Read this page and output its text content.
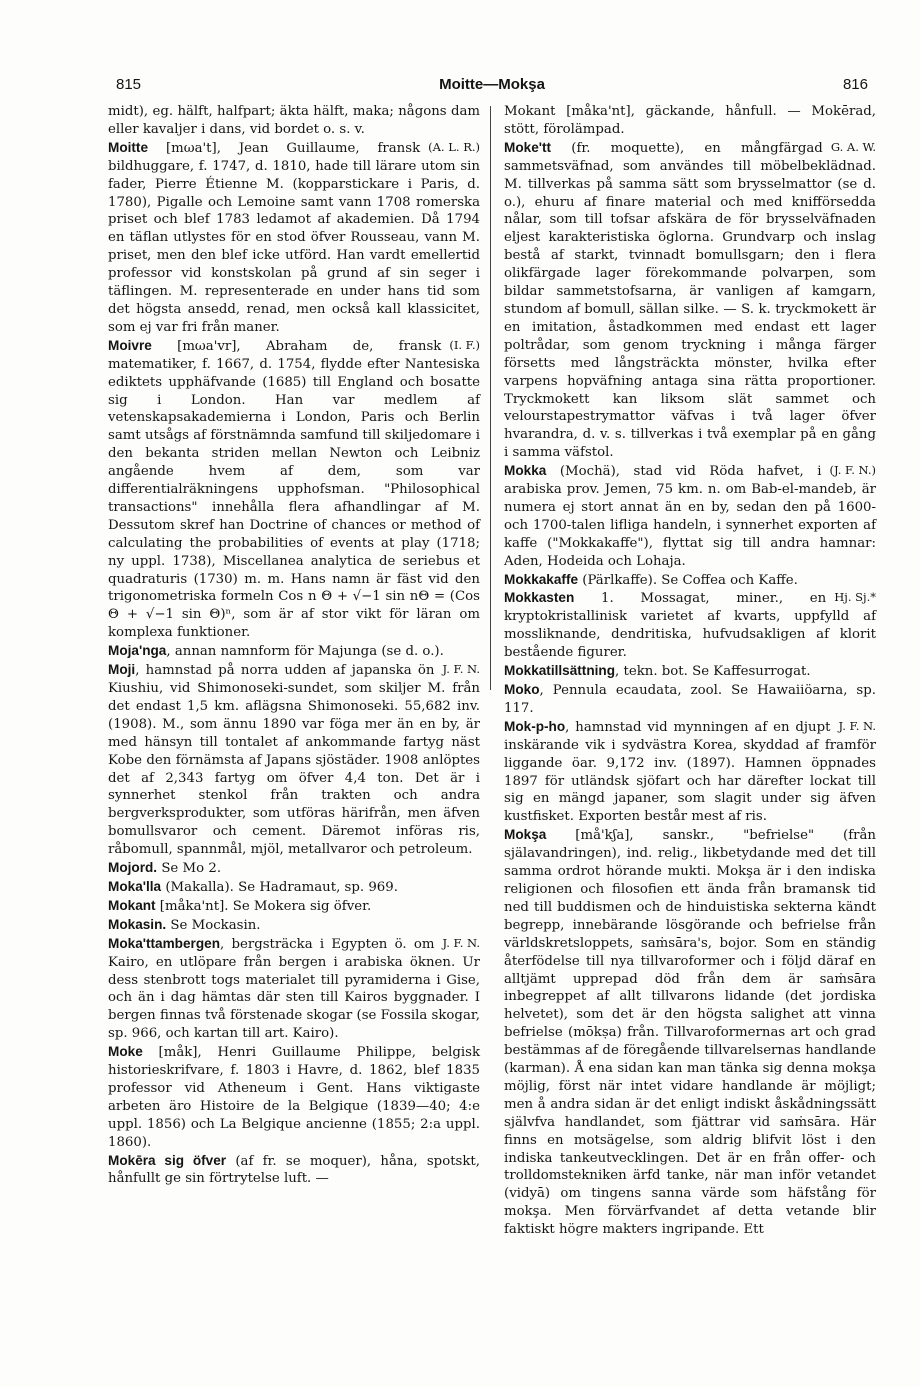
815	Moitte—Mokşa	816

midt), eg. hälft, halfpart; äkta hälft, maka; någons dam eller kavaljer i dans, vid bordet o. s. v.

(A. L. R.)
Moitte [mωa't], Jean Guillaume, fransk bildhuggare, f. 1747, d. 1810, hade till lärare utom sin fader, Pierre Étienne M. (kopparstickare i Paris, d. 1780), Pigalle och Lemoine samt vann 1708 romerska priset och blef 1783 ledamot af akademien. Då 1794 en täflan utlystes för en stod öfver Rousseau, vann M. priset, men den blef icke utförd. Han vardt emellertid professor vid konstskolan på grund af sin seger i täflingen. M. representerade en under hans tid som det högsta ansedd, renad, men också kall klassicitet, som ej var fri från maner.

(I. F.)
Moivre [mωa'vr], Abraham de, fransk matematiker, f. 1667, d. 1754, flydde efter Nantesiska ediktets upphäfvande (1685) till England och bosatte sig i London. Han var medlem af vetenskapsakademierna i London, Paris och Berlin samt utsågs af förstnämnda samfund till skiljedomare i den bekanta striden mellan Newton och Leibniz angående hvem af dem, som var differentialräkningens upphofsman. "Philosophical transactions" innehålla flera afhandlingar af M. Dessutom skref han Doctrine of chances or method of calculating the probabilities of events at play (1718; ny uppl. 1738), Miscellanea analytica de seriebus et quadraturis (1730) m. m. Hans namn är fäst vid den trigonometriska formeln Cos n Θ + √−1 sin nΘ = (Cos Θ + √−1 sin Θ)ⁿ, som är af stor vikt för läran om komplexa funktioner.

Moja'nga, annan namnform för Majunga (se d. o.).

J. F. N.
Moji, hamnstad på norra udden af japanska ön Kiushiu, vid Shimonoseki-sundet, som skiljer M. från det endast 1,5 km. aflägsna Shimonoseki. 55,682 inv. (1908). M., som ännu 1890 var föga mer än en by, är med hänsyn till tontalet af ankommande fartyg näst Kobe den förnämsta af Japans sjöstäder. 1908 anlöptes det af 2,343 fartyg om öfver 4,4 ton. Det är i synnerhet stenkol från trakten och andra bergverksprodukter, som utföras härifrån, men äfven bomullsvaror och cement. Däremot införas ris, råbomull, spannmål, mjöl, metallvaror och petroleum.

Mojord. Se Mo 2.

Moka'lla (Makalla). Se Hadramaut, sp. 969.

Mokant [måka'nt]. Se Mokera sig öfver.

Mokasin. Se Mockasin.

J. F. N.
Moka'ttambergen, bergsträcka i Egypten ö. om Kairo, en utlöpare från bergen i arabiska öknen. Ur dess stenbrott togs materialet till pyramiderna i Gise, och än i dag hämtas där sten till Kairos byggnader. I bergen finnas två förstenade skogar (se Fossila skogar, sp. 966, och kartan till art. Kairo).

Moke [måk], Henri Guillaume Philippe, belgisk historieskrifvare, f. 1803 i Havre, d. 1862, blef 1835 professor vid Atheneum i Gent. Hans viktigaste arbeten äro Histoire de la Belgique (1839—40; 4:e uppl. 1856) och La Belgique ancienne (1855; 2:a uppl. 1860).

Mokēra sig öfver (af fr. se moquer), håna, spotskt, hånfullt ge sin förtrytelse luft. —

Mokant [måka'nt], gäckande, hånfull. — Mokērad, stött, förolämpad.

G. A. W.
Moke'tt (fr. moquette), en mångfärgad sammetsväfnad, som användes till möbelbeklädnad. M. tillverkas på samma sätt som brysselmattor (se d. o.), ehuru af finare material och med knifförsedda nålar, som till tofsar afskära de för brysselväfnaden eljest karakteristiska öglorna. Grundvarp och inslag bestå af starkt, tvinnadt bomullsgarn; den i flera olikfärgade lager förekommande polvarpen, som bildar sammetstofsarna, är vanligen af kamgarn, stundom af bomull, sällan silke. — S. k. tryckmokett är en imitation, åstadkommen med endast ett lager poltrådar, som genom tryckning i många färger försetts med långsträckta mönster, hvilka efter varpens hopväfning antaga sina rätta proportioner. Tryckmokett kan liksom slät sammet och velourstapestrymattor väfvas i två lager öfver hvarandra, d. v. s. tillverkas i två exemplar på en gång i samma väfstol.

(J. F. N.)
Mokka (Mochä), stad vid Röda hafvet, i arabiska prov. Jemen, 75 km. n. om Bab-el-mandeb, är numera ej stort annat än en by, sedan den på 1600- och 1700-talen lifliga handeln, i synnerhet exporten af kaffe ("Mokkakaffe"), flyttat sig till andra hamnar: Aden, Hodeida och Lohaja.

Mokkakaffe (Pärlkaffe). Se Coffea och Kaffe.

Hj. Sj.*
Mokkasten 1. Mossagat, miner., en kryptokristallinisk varietet af kvarts, uppfylld af mossliknande, dendritiska, hufvudsakligen af klorit bestående figurer.

Mokkatillsättning, tekn. bot. Se Kaffesurrogat.

Moko, Pennula ecaudata, zool. Se Hawaiiöarna, sp. 117.

J. F. N.
Mok-p-ho, hamnstad vid mynningen af en djupt inskärande vik i sydvästra Korea, skyddad af framför liggande öar. 9,172 inv. (1897). Hamnen öppnades 1897 för utländsk sjöfart och har därefter lockat till sig en mängd japaner, som slagit under sig äfven kustfisket. Exporten består mest af ris.

Mokşa [må'kʃa], sanskr., "befrielse" (från själavandringen), ind. relig., likbetydande med det till samma ordrot hörande mukti. Mokşa är i den indiska religionen och filosofien ett ända från bramansk tid ned till buddismen och de hinduistiska sekterna kändt begrepp, innebärande lösgörande och befrielse från världskretsloppets, saṁsāra's, bojor. Som en ständig återfödelse till nya tillvaroformer och i följd däraf en alltjämt upprepad död från dem är saṁsāra inbegreppet af allt tillvarons lidande (det jordiska helvetet), som det är den högsta salighet att vinna befrielse (mōkṣa) från. Tillvaroformernas art och grad bestämmas af de föregående tillvarelsernas handlande (karman). Å ena sidan kan man tänka sig denna mokşa möjlig, först när intet vidare handlande är möjligt; men å andra sidan är det enligt indiskt åskådningssätt självfva handlandet, som fjättrar vid saṁsāra. Här finns en motsägelse, som aldrig blifvit löst i den indiska tankeutvecklingen. Det är en från offer- och trolldomstekniken ärfd tanke, när man inför vetandet (vidyā) om tingens sanna värde som häfstång för mokşa. Men förvärfvandet af detta vetande blir faktiskt högre makters ingripande. Ett
